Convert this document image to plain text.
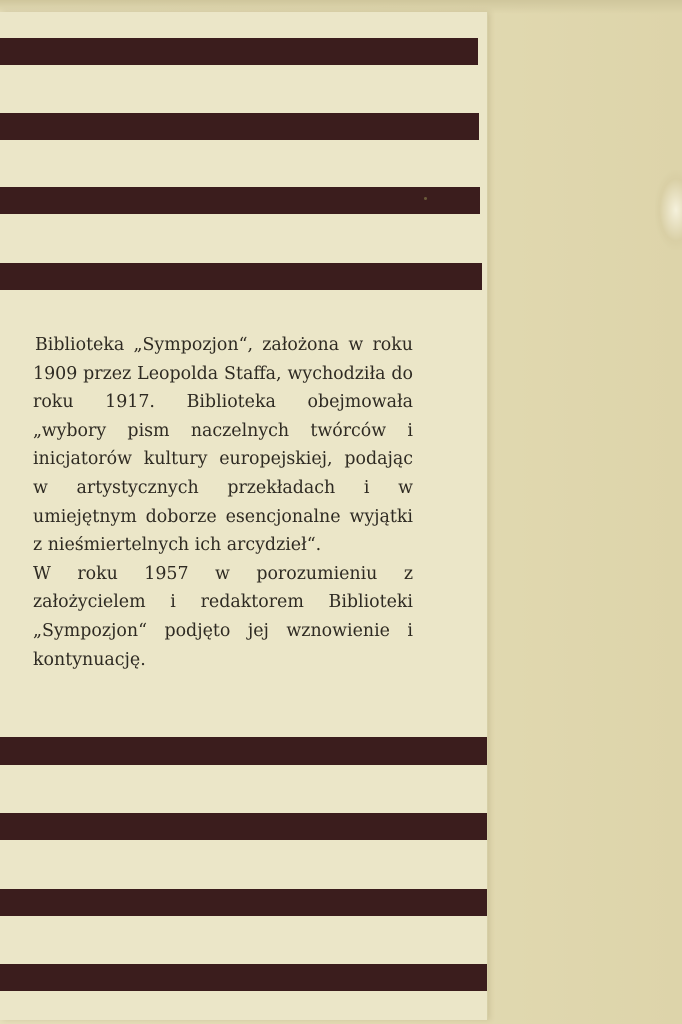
Biblioteka „Sympozjon“, założona w roku 1909 przez Leopolda Staffa, wychodziła do roku 1917. Biblioteka obejmowała „wybory pism naczelnych twórców i inicjatorów kultury europejskiej, podając w artystycznych przekładach i w umiejętnym doborze esencjonalne wyjątki z nieśmiertelnych ich arcydzieł“.

W roku 1957 w porozumieniu z założycielem i redaktorem Biblioteki „Sympozjon“ podjęto jej wznowienie i kontynuację.
